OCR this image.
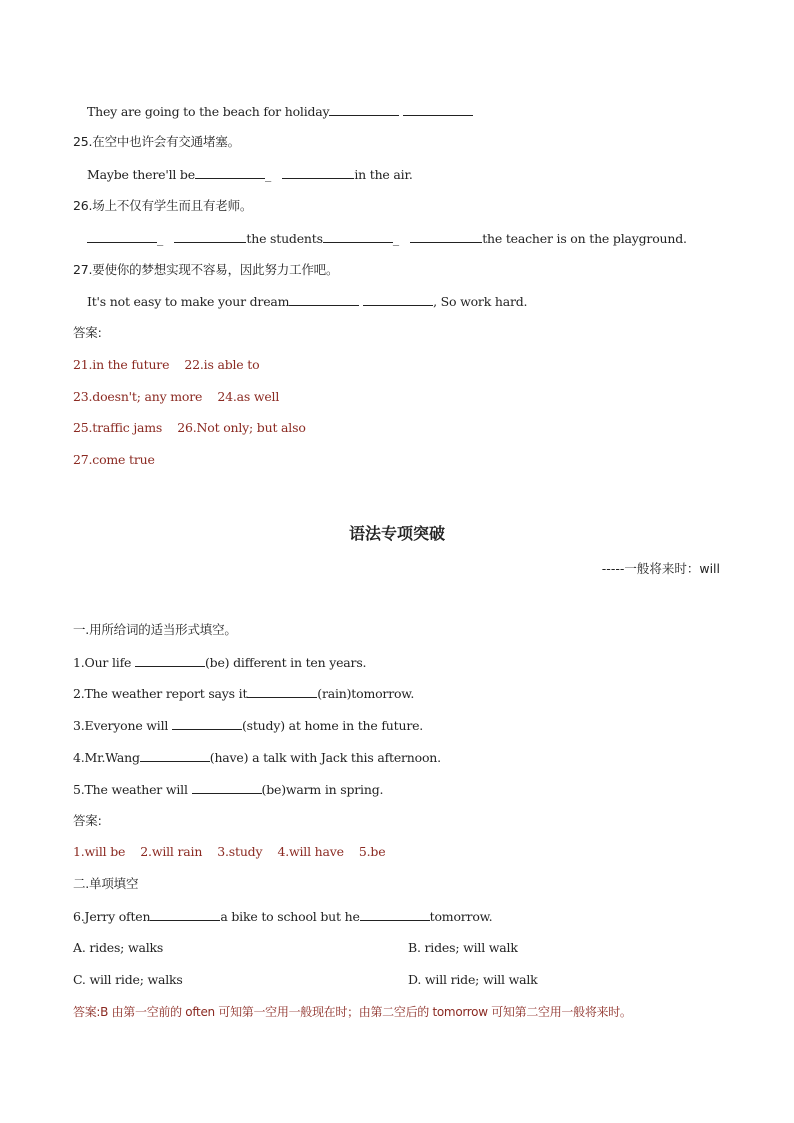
They are going to the beach for holiday
25.在空中也许会有交通堵塞。
Maybe there'll be	_	in the air.
26.场上不仅有学生而且有老师。
_	the students	_	the teacher is on the playground.
27.要使你的梦想实现不容易，因此努力工作吧。
It's not easy to make your dream	, So work hard.
答案:
21.in the future 22.is able to
23.doesn't; any more 24.as well
25.traffic jams 26.Not only; but also
27.come true
语法专项突破
-----一般将来时：will
一.用所给词的适当形式填空。
1.Our life	(be) different in ten years.
2.The weather report says it	(rain)tomorrow.
3.Everyone will	(study) at home in the future.
4.Mr.Wang	(have) a talk with Jack this afternoon.
5.The weather will	(be)warm in spring.
答案:
1.will be 2.will rain 3.study 4.will have 5.be
二.单项填空
6.Jerry often	a bike to school but he	tomorrow.
A. rides; walks	B. rides; will walk
C. will ride; walks	D. will ride; will walk
答案:B 由第一空前的 often 可知第一空用一般现在时；由第二空后的 tomorrow 可知第二空用一般将来时。
